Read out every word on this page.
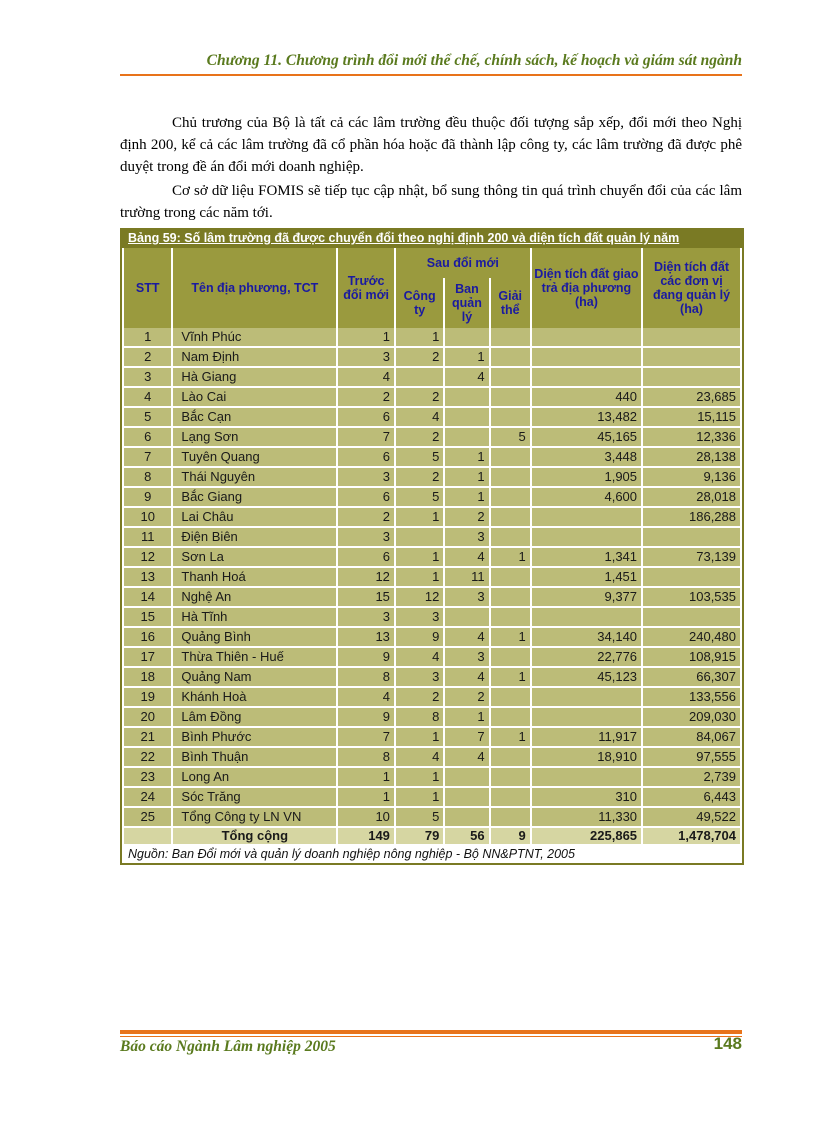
Chương 11. Chương trình đổi mới thể chế, chính sách, kế hoạch và giám sát ngành
Chủ trương của Bộ là tất cả các lâm trường đều thuộc đối tượng sắp xếp, đổi mới theo Nghị định 200, kể cả các lâm trường đã cổ phần hóa hoặc đã thành lập công ty, các lâm trường đã được phê duyệt trong đề án đổi mới doanh nghiệp.
Cơ sở dữ liệu FOMIS sẽ tiếp tục cập nhật, bổ sung thông tin quá trình chuyển đổi của các lâm trường trong các năm tới.
Bảng 59: Số lâm trường đã được chuyển đổi theo nghị định 200 và diện tích đất quản lý năm
STT	Tên địa phương, TCT	Trước đổi mới	Sau đổi mới			Diện tích đất giao trả địa phương (ha)	Diện tích đất các đơn vị đang quản lý (ha)
			Công ty	Ban quản lý	Giải thể		

1	Vĩnh Phúc	1	1				
2	Nam Định	3	2	1			
3	Hà Giang	4		4			
4	Lào Cai	2	2			440	23,685
5	Bắc Cạn	6	4			13,482	15,115
6	Lạng Sơn	7	2		5	45,165	12,336
7	Tuyên Quang	6	5	1		3,448	28,138
8	Thái Nguyên	3	2	1		1,905	9,136
9	Bắc Giang	6	5	1		4,600	28,018
10	Lai Châu	2	1	2			186,288
11	Điện Biên	3		3			
12	Sơn La	6	1	4	1	1,341	73,139
13	Thanh Hoá	12	1	11		1,451	
14	Nghệ An	15	12	3		9,377	103,535
15	Hà Tĩnh	3	3				
16	Quảng Bình	13	9	4	1	34,140	240,480
17	Thừa Thiên - Huế	9	4	3		22,776	108,915
18	Quảng Nam	8	3	4	1	45,123	66,307
19	Khánh Hoà	4	2	2			133,556
20	Lâm Đồng	9	8	1			209,030
21	Bình Phước	7	1	7	1	11,917	84,067
22	Bình Thuận	8	4	4		18,910	97,555
23	Long An	1	1				2,739
24	Sóc Trăng	1	1			310	6,443
25	Tổng Công ty LN VN	10	5			11,330	49,522
	Tổng cộng	149	79	56	9	225,865	1,478,704
Nguồn: Ban Đổi mới và quản lý doanh nghiệp nông nghiệp - Bộ NN&PTNT, 2005
Báo cáo Ngành Lâm nghiệp 2005	148
